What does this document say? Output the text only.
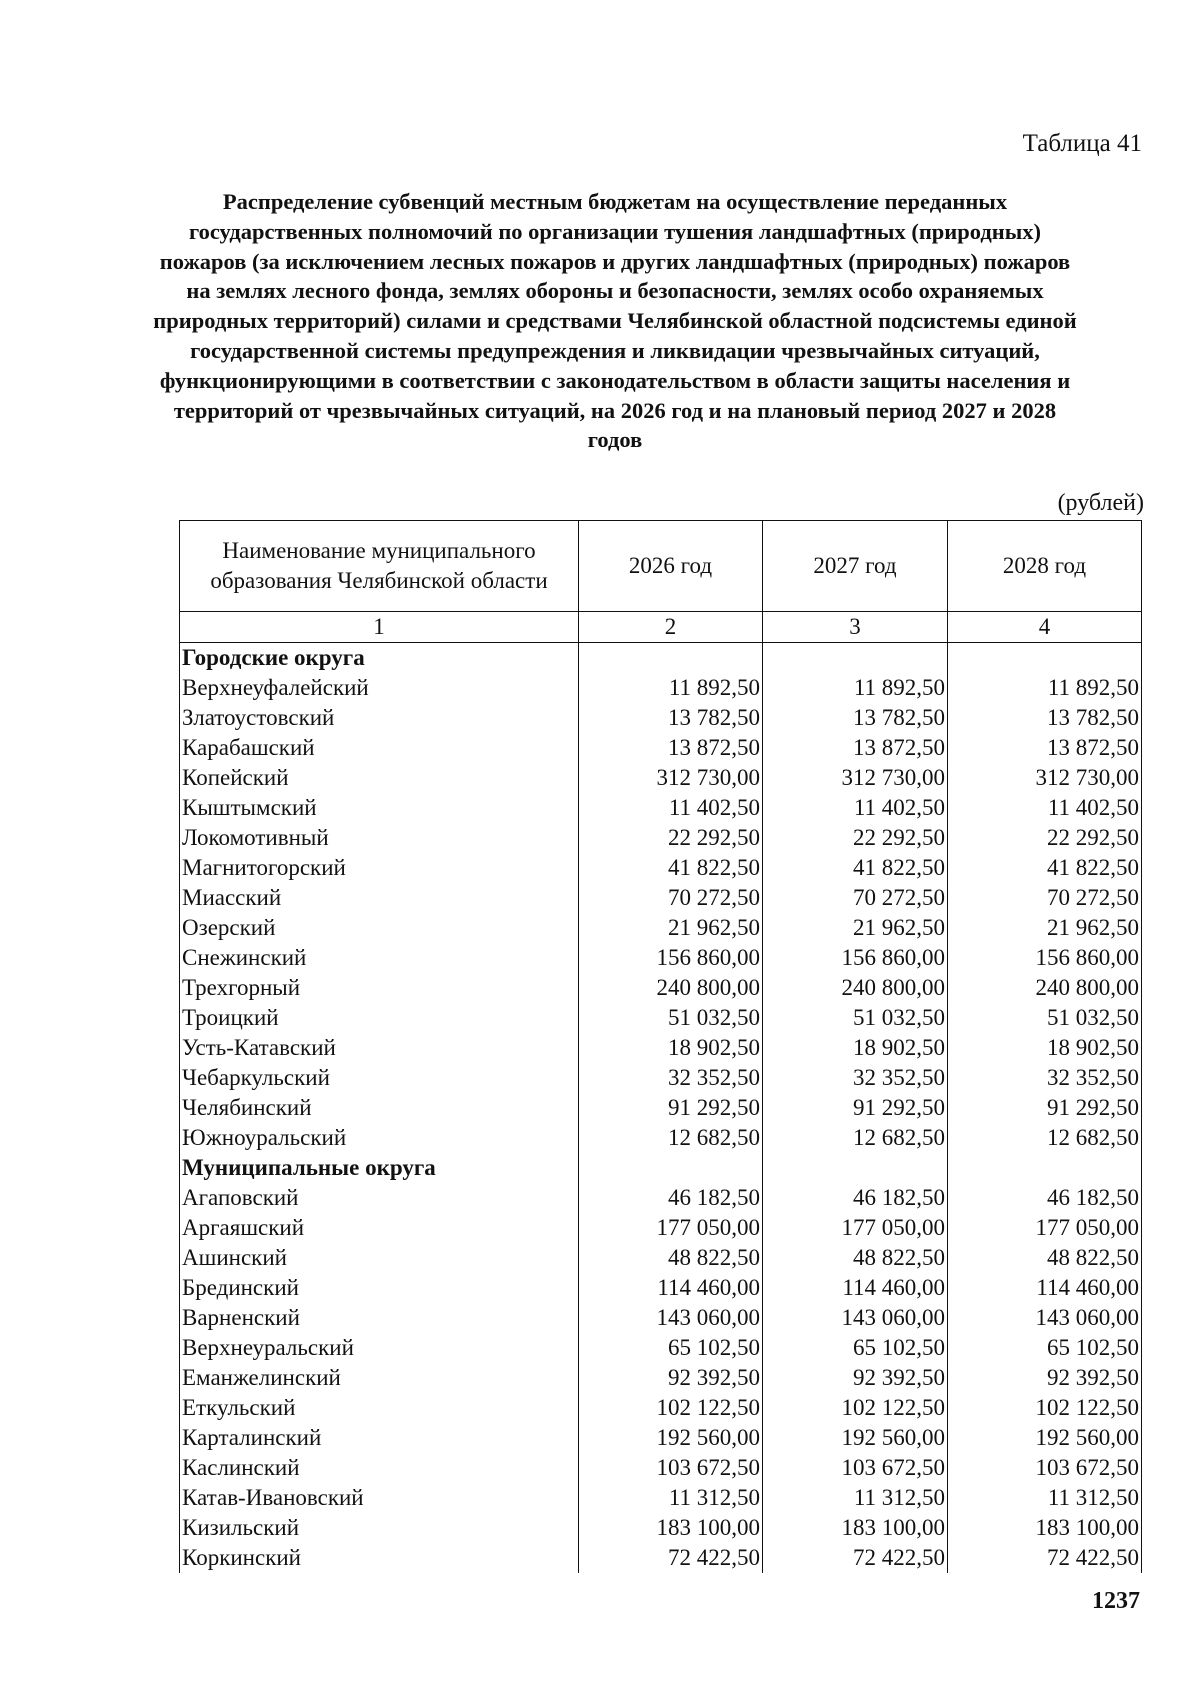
Таблица 41
Распределение субвенций местным бюджетам на осуществление переданных государственных полномочий по организации тушения ландшафтных (природных) пожаров (за исключением лесных пожаров и других ландшафтных (природных) пожаров на землях лесного фонда, землях обороны и безопасности, землях особо охраняемых природных территорий) силами и средствами Челябинской областной подсистемы единой государственной системы предупреждения и ликвидации чрезвычайных ситуаций, функционирующими в соответствии с законодательством в области защиты населения и территорий от чрезвычайных ситуаций, на 2026 год и на плановый период 2027 и 2028 годов
(рублей)
Наименование муниципального образования Челябинской области	2026 год	2027 год	2028 год
1	2	3	4
Городские округа			
Верхнеуфалейский	11 892,50	11 892,50	11 892,50
Златоустовский	13 782,50	13 782,50	13 782,50
Карабашский	13 872,50	13 872,50	13 872,50
Копейский	312 730,00	312 730,00	312 730,00
Кыштымский	11 402,50	11 402,50	11 402,50
Локомотивный	22 292,50	22 292,50	22 292,50
Магнитогорский	41 822,50	41 822,50	41 822,50
Миасский	70 272,50	70 272,50	70 272,50
Озерский	21 962,50	21 962,50	21 962,50
Снежинский	156 860,00	156 860,00	156 860,00
Трехгорный	240 800,00	240 800,00	240 800,00
Троицкий	51 032,50	51 032,50	51 032,50
Усть-Катавский	18 902,50	18 902,50	18 902,50
Чебаркульский	32 352,50	32 352,50	32 352,50
Челябинский	91 292,50	91 292,50	91 292,50
Южноуральский	12 682,50	12 682,50	12 682,50
Муниципальные округа			
Агаповский	46 182,50	46 182,50	46 182,50
Аргаяшский	177 050,00	177 050,00	177 050,00
Ашинский	48 822,50	48 822,50	48 822,50
Брединский	114 460,00	114 460,00	114 460,00
Варненский	143 060,00	143 060,00	143 060,00
Верхнеуральский	65 102,50	65 102,50	65 102,50
Еманжелинский	92 392,50	92 392,50	92 392,50
Еткульский	102 122,50	102 122,50	102 122,50
Карталинский	192 560,00	192 560,00	192 560,00
Каслинский	103 672,50	103 672,50	103 672,50
Катав-Ивановский	11 312,50	11 312,50	11 312,50
Кизильский	183 100,00	183 100,00	183 100,00
Коркинский	72 422,50	72 422,50	72 422,50
1237
